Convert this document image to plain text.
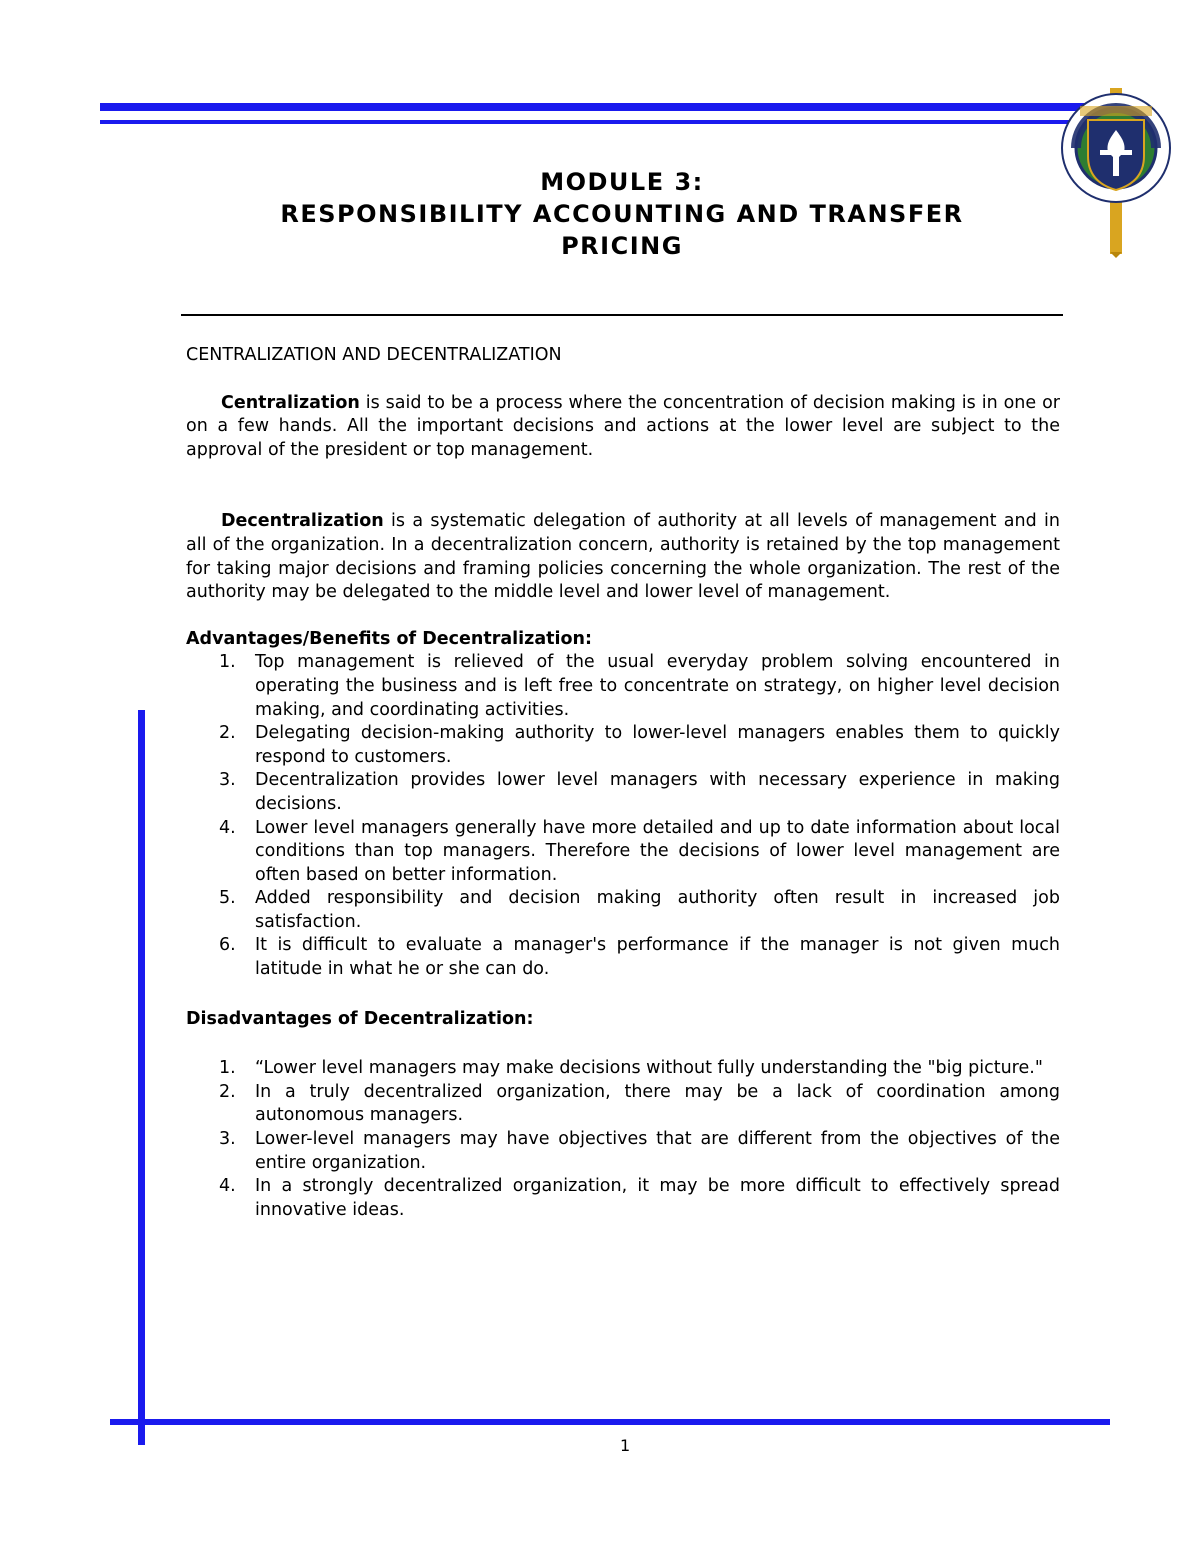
MODULE 3:
RESPONSIBILITY ACCOUNTING AND TRANSFER
PRICING
CENTRALIZATION AND DECENTRALIZATION

Centralization is said to be a process where the concentration of decision making is in one or on a few hands. All the important decisions and actions at the lower level are subject to the approval of the president or top management.

Decentralization is a systematic delegation of authority at all levels of management and in all of the organization. In a decentralization concern, authority is retained by the top management for taking major decisions and framing policies concerning the whole organization. The rest of the authority may be delegated to the middle level and lower level of management.

Advantages/Benefits of Decentralization:

1. Top management is relieved of the usual everyday problem solving encountered in operating the business and is left free to concentrate on strategy, on higher level decision making, and coordinating activities.
2. Delegating decision-making authority to lower-level managers enables them to quickly respond to customers.
3. Decentralization provides lower level managers with necessary experience in making decisions.
4. Lower level managers generally have more detailed and up to date information about local conditions than top managers. Therefore the decisions of lower level management are often based on better information.
5. Added responsibility and decision making authority often result in increased job satisfaction.
6. It is difficult to evaluate a manager's performance if the manager is not given much latitude in what he or she can do.

Disadvantages of Decentralization:

1. “Lower level managers may make decisions without fully understanding the "big picture."
2. In a truly decentralized organization, there may be a lack of coordination among autonomous managers.
3. Lower-level managers may have objectives that are different from the objectives of the entire organization.
4. In a strongly decentralized organization, it may be more difficult to effectively spread innovative ideas.
1
